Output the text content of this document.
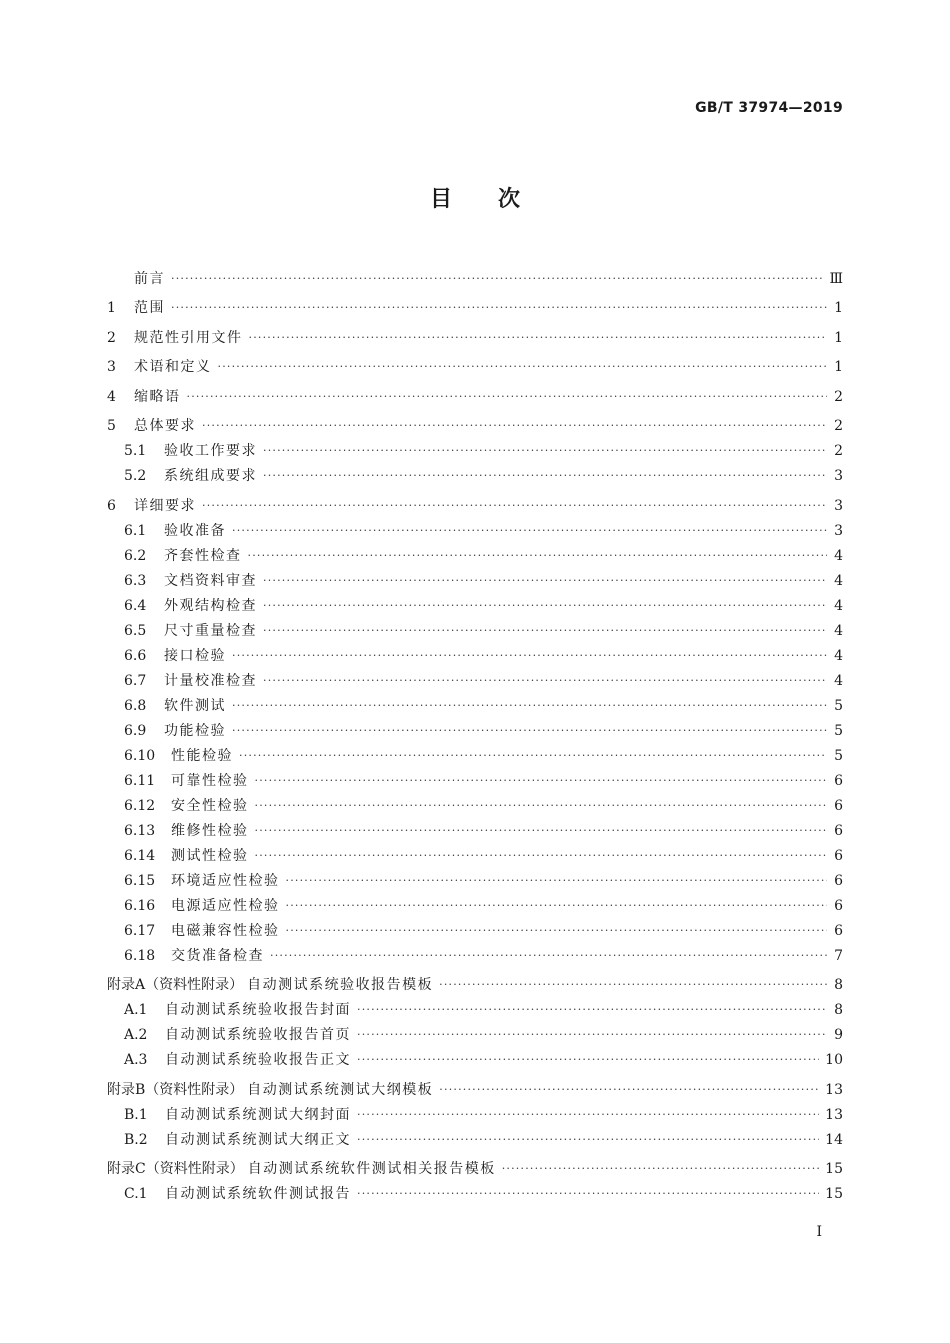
GB/T 37974—2019
目次
前言 ·····	Ⅲ
1	范围 ·····	1
2	规范性引用文件 ·····	1
3	术语和定义 ·····	1
4	缩略语 ·····	2
5	总体要求 ·····	2
5.1	验收工作要求 ·····	2
5.2	系统组成要求 ·····	3
6	详细要求 ·····	3
6.1	验收准备 ·····	3
6.2	齐套性检查 ·····	4
6.3	文档资料审查 ·····	4
6.4	外观结构检查 ·····	4
6.5	尺寸重量检查 ·····	4
6.6	接口检验 ·····	4
6.7	计量校准检查 ·····	4
6.8	软件测试 ·····	5
6.9	功能检验 ·····	5
6.10	性能检验 ·····	5
6.11	可靠性检验 ·····	6
6.12	安全性检验 ·····	6
6.13	维修性检验 ·····	6
6.14	测试性检验 ·····	6
6.15	环境适应性检验 ·····	6
6.16	电源适应性检验 ·····	6
6.17	电磁兼容性检验 ·····	6
6.18	交货准备检查 ·····	7
附录A（资料性附录） 自动测试系统验收报告模板 ·····	8
A.1	自动测试系统验收报告封面 ·····	8
A.2	自动测试系统验收报告首页 ·····	9
A.3	自动测试系统验收报告正文 ·····	10
附录B（资料性附录） 自动测试系统测试大纲模板 ·····	13
B.1	自动测试系统测试大纲封面 ·····	13
B.2	自动测试系统测试大纲正文 ·····	14
附录C（资料性附录） 自动测试系统软件测试相关报告模板 ·····	15
C.1	自动测试系统软件测试报告 ·····	15
I
